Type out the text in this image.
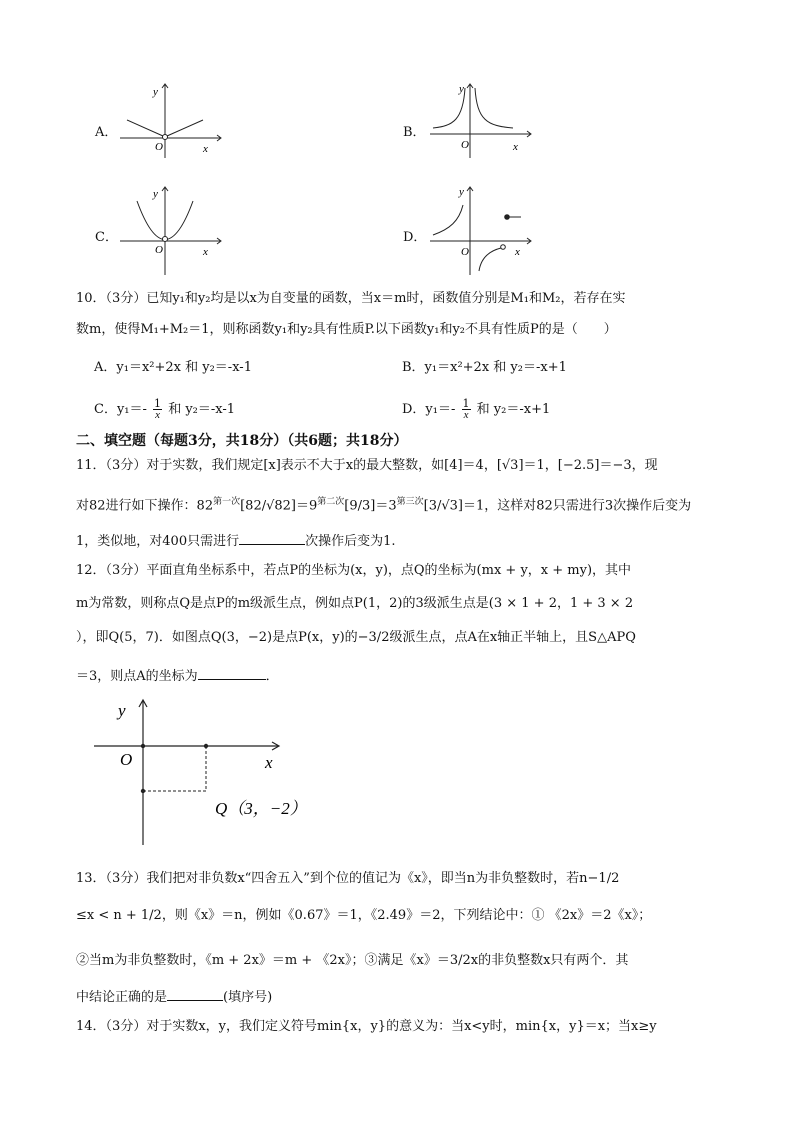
A．
O	x
y
B．
O	x
y
C．
O	x
y
D．
O	x
y
10．（3分）已知y₁和y₂均是以x为自变量的函数，当x＝m时，函数值分别是M₁和M₂，若存在实
数m，使得M₁+M₂＝1，则称函数y₁和y₂具有性质P.以下函数y₁和y₂不具有性质P的是（　　）
A．y₁＝x²+2x 和 y₂＝-x-1	B．y₁＝x²+2x 和 y₂＝-x+1
C．$y_1=- \frac{1}{x}$ 和 y₂＝-x-1	D．$y_1=- \frac{1}{x}$ 和 y₂＝-x+1
二、填空题（每题3分，共18分）（共6题；共18分）
11．（3分）对于实数，我们规定[x]表示不大于x的最大整数，如[4]＝4，[√3]＝1，[−2.5]＝−3，现
对82进行如下操作：$82^{第一次}[82/√82]=9^{第二次}[9/3]=3^{第三次}[3/√3]=1$，这样对82只需进行3次操作后变为
1，类似地，对400只需进行	次操作后变为1.
12．（3分）平面直角坐标系中，若点P的坐标为(x，y)，点Q的坐标为(mx + y，x + my)，其中
m为常数，则称点Q是点P的m级派生点，例如点P(1，2)的3级派生点是(3 × 1 + 2，1 + 3 × 2
），即Q(5，7)．如图点Q(3，−2)是点P(x，y)的−3/2级派生点，点A在x轴正半轴上，且S△APQ
＝3，则点A的坐标为	．
y
O	x
Q（3，−2）
13．（3分）我们把对非负数x“四舍五入”到个位的值记为《x》，即当n为非负整数时，若n−1/2
≤x < n + 1/2，则《x》＝n，例如《0.67》＝1，《2.49》＝2，下列结论中：① 《2x》＝2《x》；
②当m为非负整数时，《m + 2x》＝m + 《2x》；③满足《x》＝3/2x的非负整数x只有两个．其
中结论正确的是	(填序号)
14．（3分）对于实数x，y，我们定义符号min{x，y}的意义为：当x<y时，min{x，y}＝x；当x≥y
